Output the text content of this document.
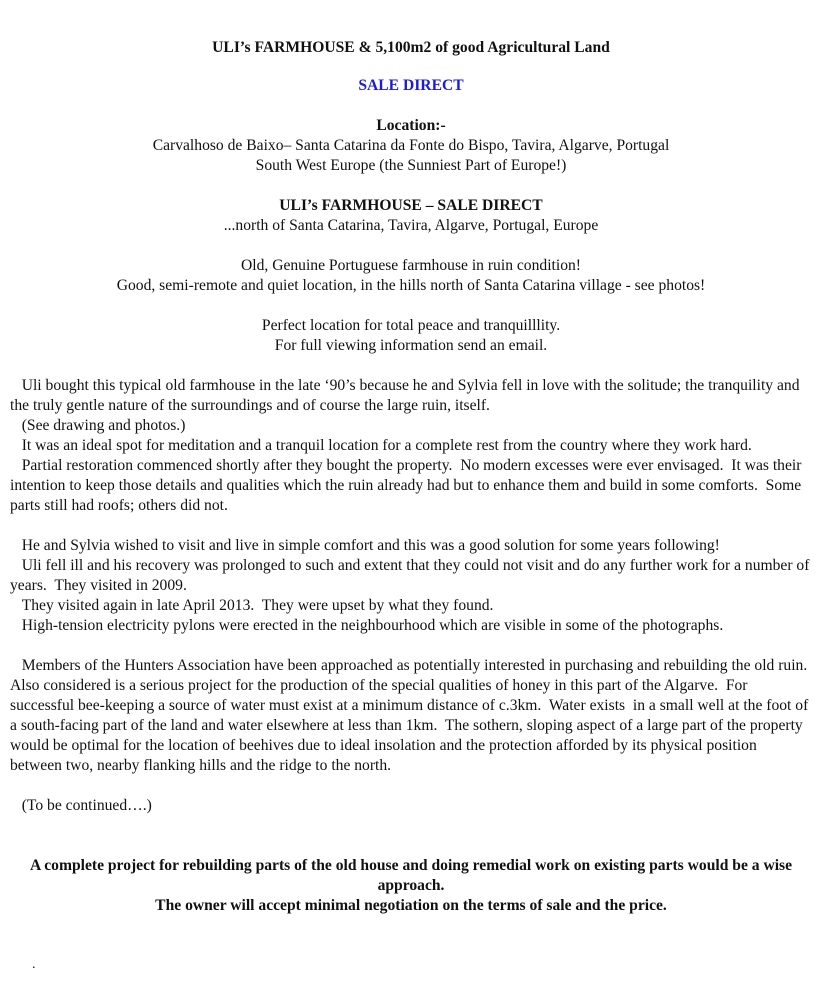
ULI’s FARMHOUSE & 5,100m2 of good Agricultural Land

SALE DIRECT

Location:-

Carvalhoso de Baixo– Santa Catarina da Fonte do Bispo, Tavira, Algarve, Portugal

South West Europe (the Sunniest Part of Europe!)

ULI’s FARMHOUSE – SALE DIRECT

...north of Santa Catarina, Tavira, Algarve, Portugal, Europe

Old, Genuine Portuguese farmhouse in ruin condition!

Good, semi-remote and quiet location, in the hills north of Santa Catarina village - see photos!

Perfect location for total peace and tranquilllity.

For full viewing information send an email.

Uli bought this typical old farmhouse in the late ‘90’s because he and Sylvia fell in love with the solitude; the tranquility and the truly gentle nature of the surroundings and of course the large ruin, itself.

(See drawing and photos.)

It was an ideal spot for meditation and a tranquil location for a complete rest from the country where they work hard.

Partial restoration commenced shortly after they bought the property.  No modern excesses were ever envisaged.  It was their intention to keep those details and qualities which the ruin already had but to enhance them and build in some comforts.  Some parts still had roofs; others did not.

He and Sylvia wished to visit and live in simple comfort and this was a good solution for some years following!

Uli fell ill and his recovery was prolonged to such and extent that they could not visit and do any further work for a number of years.  They visited in 2009.

They visited again in late April 2013.  They were upset by what they found.

High-tension electricity pylons were erected in the neighbourhood which are visible in some of the photographs.

Members of the Hunters Association have been approached as potentially interested in purchasing and rebuilding the old ruin.  Also considered is a serious project for the production of the special qualities of honey in this part of the Algarve.  For successful bee-keeping a source of water must exist at a minimum distance of c.3km.  Water exists  in a small well at the foot of a south-facing part of the land and water elsewhere at less than 1km.  The sothern, sloping aspect of a large part of the property would be optimal for the location of beehives due to ideal insolation and the protection afforded by its physical position between two, nearby flanking hills and the ridge to the north.

(To be continued….)

A complete project for rebuilding parts of the old house and doing remedial work on existing parts would be a wise approach.

The owner will accept minimal negotiation on the terms of sale and the price.

.
